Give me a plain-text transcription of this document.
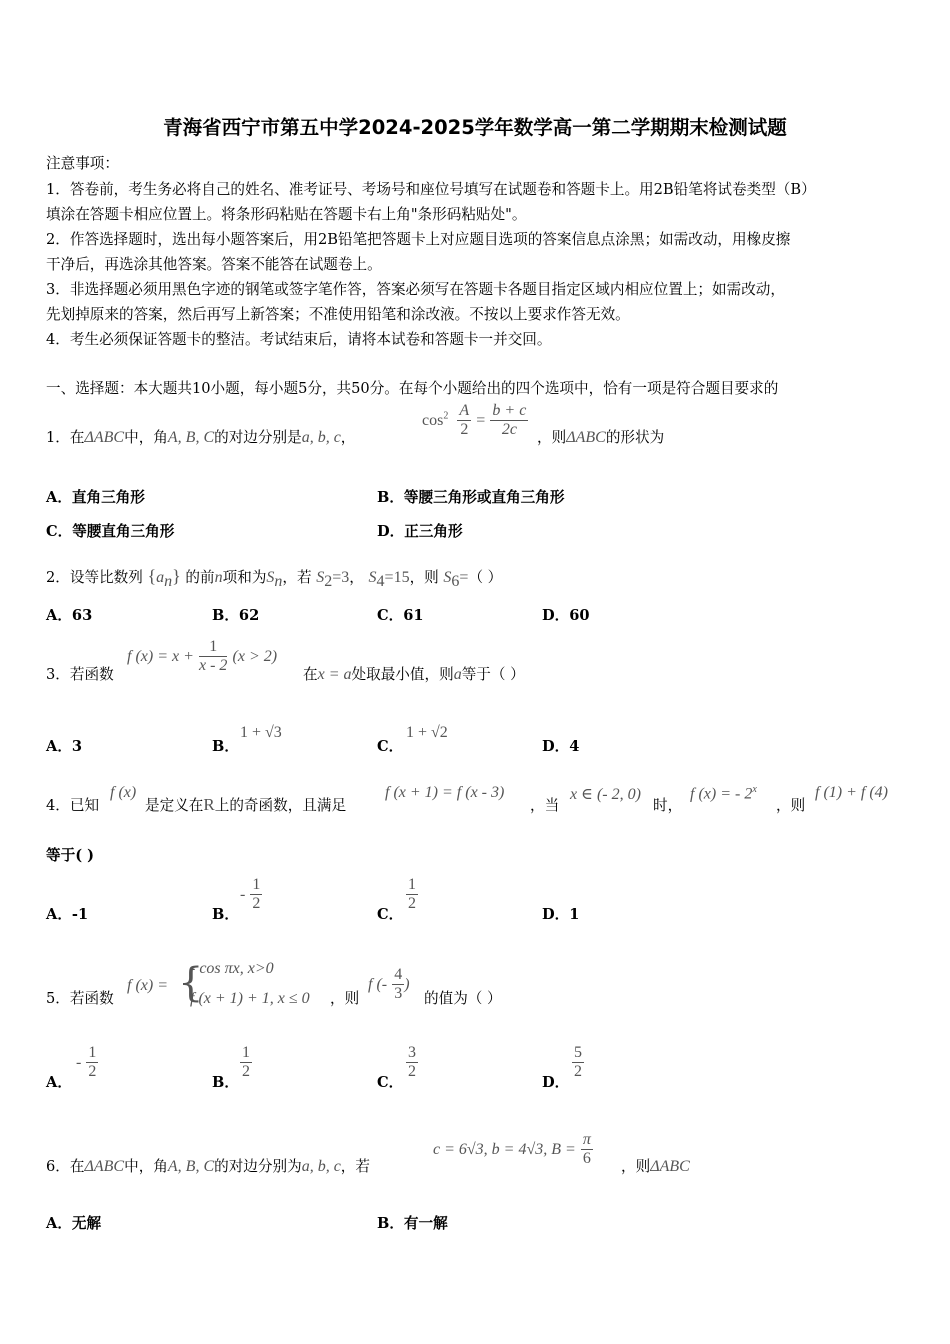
青海省西宁市第五中学2024-2025学年数学高一第二学期期末检测试题
注意事项：
1．答卷前，考生务必将自己的姓名、准考证号、考场号和座位号填写在试题卷和答题卡上。用2B铅笔将试卷类型（B）
填涂在答题卡相应位置上。将条形码粘贴在答题卡右上角"条形码粘贴处"。
2．作答选择题时，选出每小题答案后，用2B铅笔把答题卡上对应题目选项的答案信息点涂黑；如需改动，用橡皮擦
干净后，再选涂其他答案。答案不能答在试题卷上。
3．非选择题必须用黑色字迹的钢笔或签字笔作答，答案必须写在答题卡各题目指定区域内相应位置上；如需改动，
先划掉原来的答案，然后再写上新答案；不准使用铅笔和涂改液。不按以上要求作答无效。
4．考生必须保证答题卡的整洁。考试结束后，请将本试卷和答题卡一并交回。
一、选择题：本大题共10小题，每小题5分，共50分。在每个小题给出的四个选项中，恰有一项是符合题目要求的
1．在ΔABC中，角A, B, C的对边分别是a, b, c，
$\cos^2 \frac{A}{2} = \frac{b + c}{2c}$ ，则ΔABC的形状为
A．直角三角形	B．等腰三角形或直角三角形
C．等腰直角三角形	D．正三角形
2．设等比数列 $\{a_n\}$ 的前n项和为$S_n$，若 $S_2=3$， $S_4=15$，则 $S_6=$（ ）
A．63	B．62	C．61	D．60
3．若函数
f $(x) = x + \frac{1}{x - 2} (x > 2)$
在x = a处取最小值，则a等于（ ）
A．3	B．
1 + √3
C．
1 + √2
D．4
4．已知
f (x)
是定义在R上的奇函数，且满足
f (x + 1) = f (x - 3)
，当
x ∈ (- 2, 0)
时，
f (x) = - 2$^x$
，则
f (1) + f (4)
等于( )
A．-1	B．
- $\frac{1}{2}$
C．
$\frac{1}{2}$
D．1
5．若函数
f (x) = {
- cos πx, x>0
f (x + 1) + 1, x ≤ 0 ，则
f (- $\frac{4}{3}$ )
的值为（ ）
A．
- $\frac{1}{2}$
B．
$\frac{1}{2}$
C．
$\frac{3}{2}$
D．
$\frac{5}{2}$
6．在ΔABC中，角A, B, C的对边分别为a, b, c，若
c = 6√3, b = 4√3, $B = \frac{\pi}{6}$ ，则ΔABC
A．无解	B．有一解
